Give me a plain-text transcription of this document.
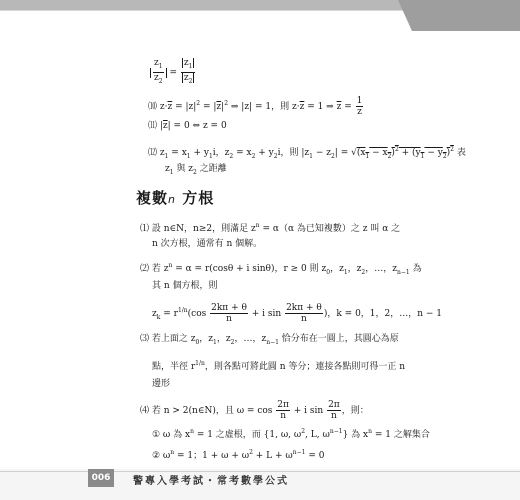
$\frac{z_1}{z_2} = \frac{z_1}{z_2}$
⑽ $z\cdot\overline{z} = |z|^2 = |\overline{z}|^2$ ⇒ |z| = 1，則 $z\cdot\overline{z} = 1$ ⇒ $\overline{z} = \frac{1}{z}$
⑾ $|\overline{z}| = 0$ ⇔ z = 0
⑿ $z_1 = x_1 + y_1i$，$z_2 = x_2 + y_2i$，則 $|z_1 - z_2| = √(x_1 - x_2)^2 + (y_1 - y_2)^2$ 表
$z_1$ 與 $z_2$ 之距離
複數n 方根
⑴ 設 n∈N，n≥2，則滿足 $z^n = \alpha(\alpha$ 為已知複數）之 z 叫 α 之
n 次方根，通常有 n 個解。
⑵ 若 $z^n = \alpha = r(\cos\theta + i$ sinθ)，r ≥ 0 則 $z_0$，$z_1$，$z_2$，…，$z_{n-1}$ 為
其 n 個方根，則
$z_k = r^{1/n}(\cos \frac{2k\pi + \theta}{n} + i$ $\sin \frac{2k\pi + \theta}{n}$ )，k = 0，1，2，…，n − 1
⑶ 若上面之 $z_0$，$z_1$，$z_2$，…，$z_{n-1}$ 恰分布在一圓上，其圓心為原
點，半徑 $r^{1/n}$，則各點可將此圓 n 等分；連接各點則可得一正 n
邊形
⑷ 若 n > 2(n∈N)，且 $\omega = \cos \frac{2\pi}{n} + i$ $\sin \frac{2\pi}{n}$ ，則：
① ω 為 $x^n = 1$ 之虛根，而 {1, ω, $\omega^2$, L, $\omega^{n-1}$} 為 $x^n = 1$ 之解集合
② $\omega^n = 1$；$1 + \omega + \omega^2 + L + \omega^{n-1} = 0$
006	警專入學考試・常考數學公式
